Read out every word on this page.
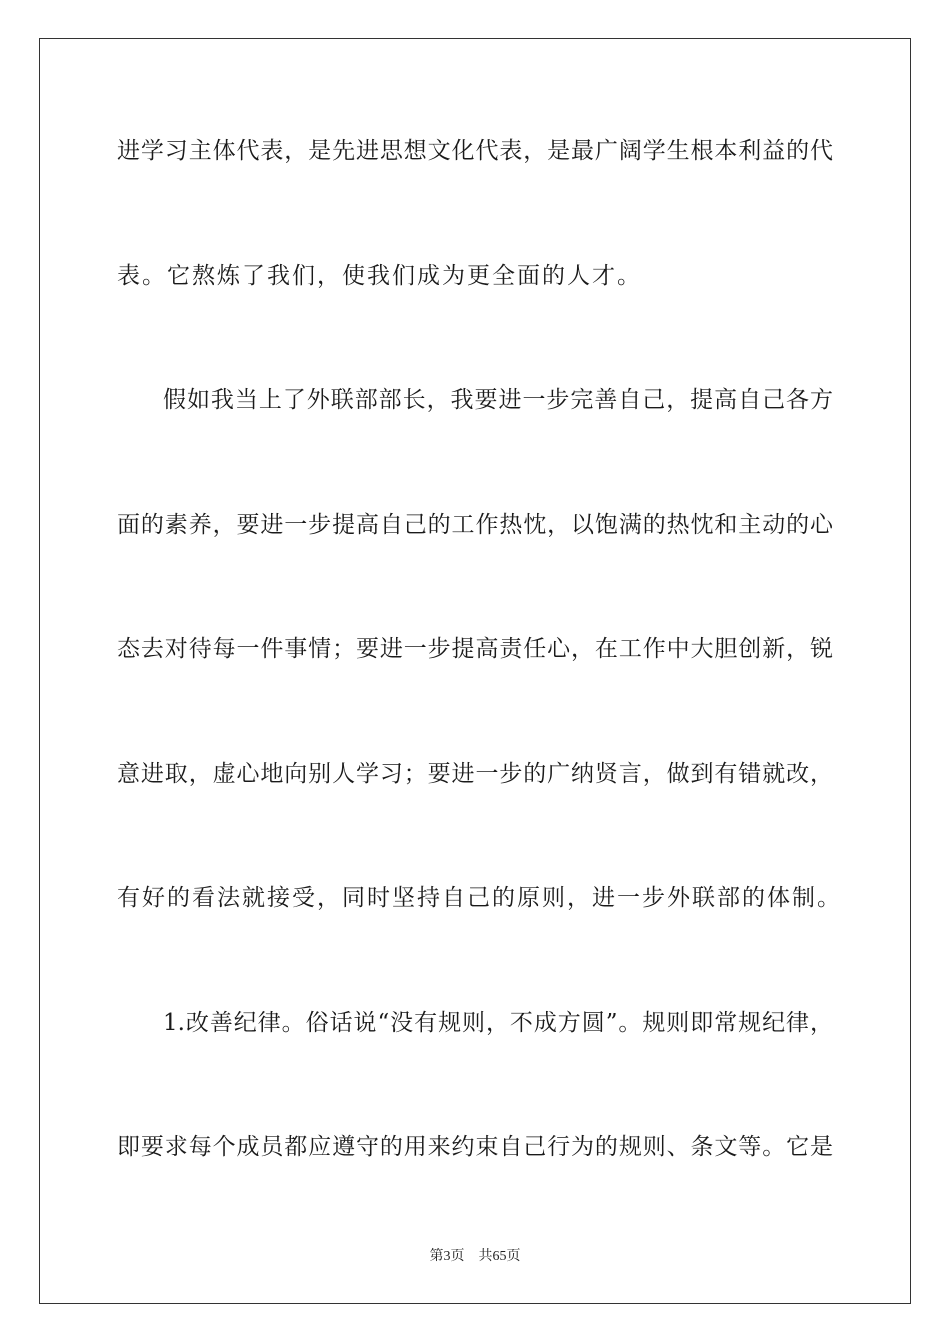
进学习主体代表，是先进思想文化代表，是最广阔学生根本利益的代
表。它熬炼了我们，使我们成为更全面的人才。
假如我当上了外联部部长，我要进一步完善自己，提高自己各方
面的素养，要进一步提高自己的工作热忱，以饱满的热忱和主动的心
态去对待每一件事情；要进一步提高责任心，在工作中大胆创新，锐
意进取，虚心地向别人学习；要进一步的广纳贤言，做到有错就改，
有好的看法就接受，同时坚持自己的原则，进一步外联部的体制。
1.改善纪律。俗话说“没有规则，不成方圆”。规则即常规纪律，
即要求每个成员都应遵守的用来约束自己行为的规则、条文等。它是
第3页 共65页
